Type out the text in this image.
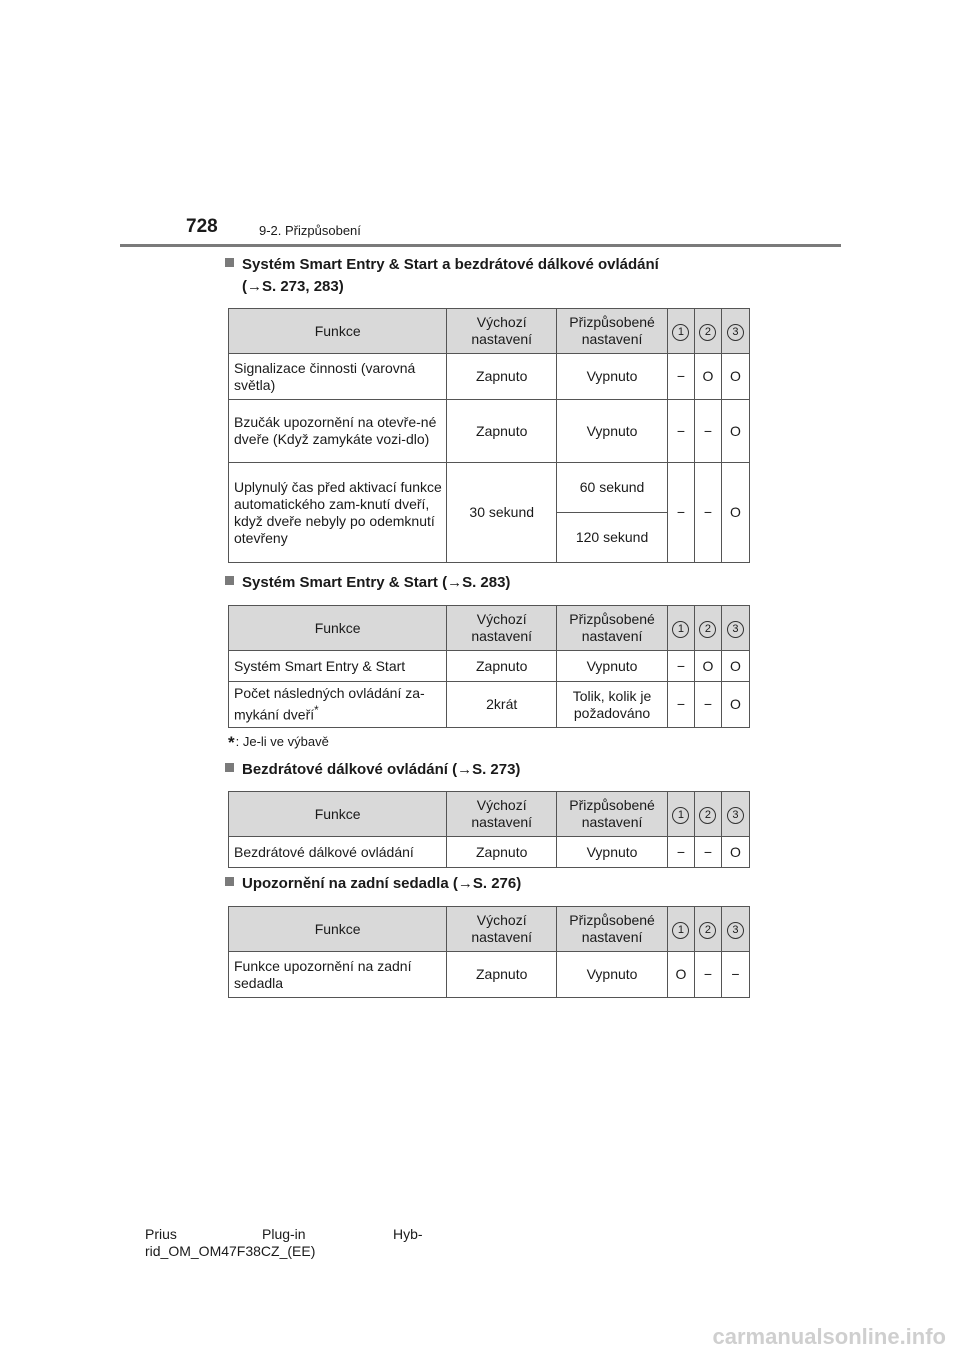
728	9-2. Přizpůsobení
Systém Smart Entry & Start a bezdrátové dálkové ovládání
(→S. 273, 283)
Funkce	Výchozí nastavení	Přizpůsobené nastavení	1	2	3
Signalizace činnosti (varovná světla)	Zapnuto	Vypnuto	−	O	O
Bzučák upozornění na otevře-né dveře (Když zamykáte vozi-dlo)	Zapnuto	Vypnuto	−	−	O
Uplynulý čas před aktivací funkce automatického zam-knutí dveří, když dveře nebyly po odemknutí otevřeny	30 sekund	60 sekund	−	−	O
		120 sekund			
Systém Smart Entry & Start (→S. 283)
Funkce	Výchozí nastavení	Přizpůsobené nastavení	1	2	3
Systém Smart Entry & Start	Zapnuto	Vypnuto	−	O	O
Počet následných ovládání za-mykání dveří*	2krát	Tolik, kolik je požadováno	−	−	O
*: Je-li ve výbavě
Bezdrátové dálkové ovládání (→S. 273)
Funkce	Výchozí nastavení	Přizpůsobené nastavení	1	2	3
Bezdrátové dálkové ovládání	Zapnuto	Vypnuto	−	−	O
Upozornění na zadní sedadla (→S. 276)
Funkce	Výchozí nastavení	Přizpůsobené nastavení	1	2	3
Funkce upozornění na zadní sedadla	Zapnuto	Vypnuto	O	−	−
Prius	Plug-in	Hyb-
rid_OM_OM47F38CZ_(EE)
carmanualsonline.info
